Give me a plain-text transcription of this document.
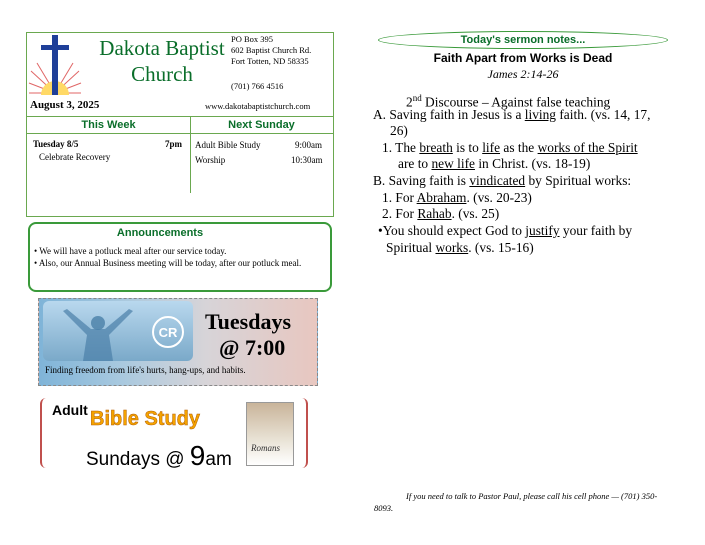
Dakota Baptist
Church
PO Box 395
602 Baptist Church Rd.
Fort Totten, ND 58335
(701) 766 4516
August 3, 2025	www.dakotabaptistchurch.com
This Week	Next Sunday
Tuesday 8/5	7pm
Celebrate Recovery
Adult Bible Study	9:00am
Worship	10:30am
Announcements
• We will have a potluck meal after our service today.
• Also, our Annual Business meeting will be today, after our potluck meal.
CR Tuesdays
@ 7:00
Finding freedom from life's hurts, hang-ups, and habits.
Adult Bible Study
Sundays @ 9am
Romans
Today's sermon notes...
Faith Apart from Works is Dead
James 2:14-26
2nd Discourse – Against false teaching
A. Saving faith in Jesus is a living faith. (vs. 14, 17,
26)
1. The breath is to life as the works of the Spirit
are to new life in Christ. (vs. 18-19)
B. Saving faith is vindicated by Spiritual works:
1. For Abraham. (vs. 20-23)
2. For Rahab. (vs. 25)
•You should expect God to justify your faith by
Spiritual works. (vs. 15-16)
If you need to talk to Pastor Paul, please call his cell phone — (701) 350-8093.
